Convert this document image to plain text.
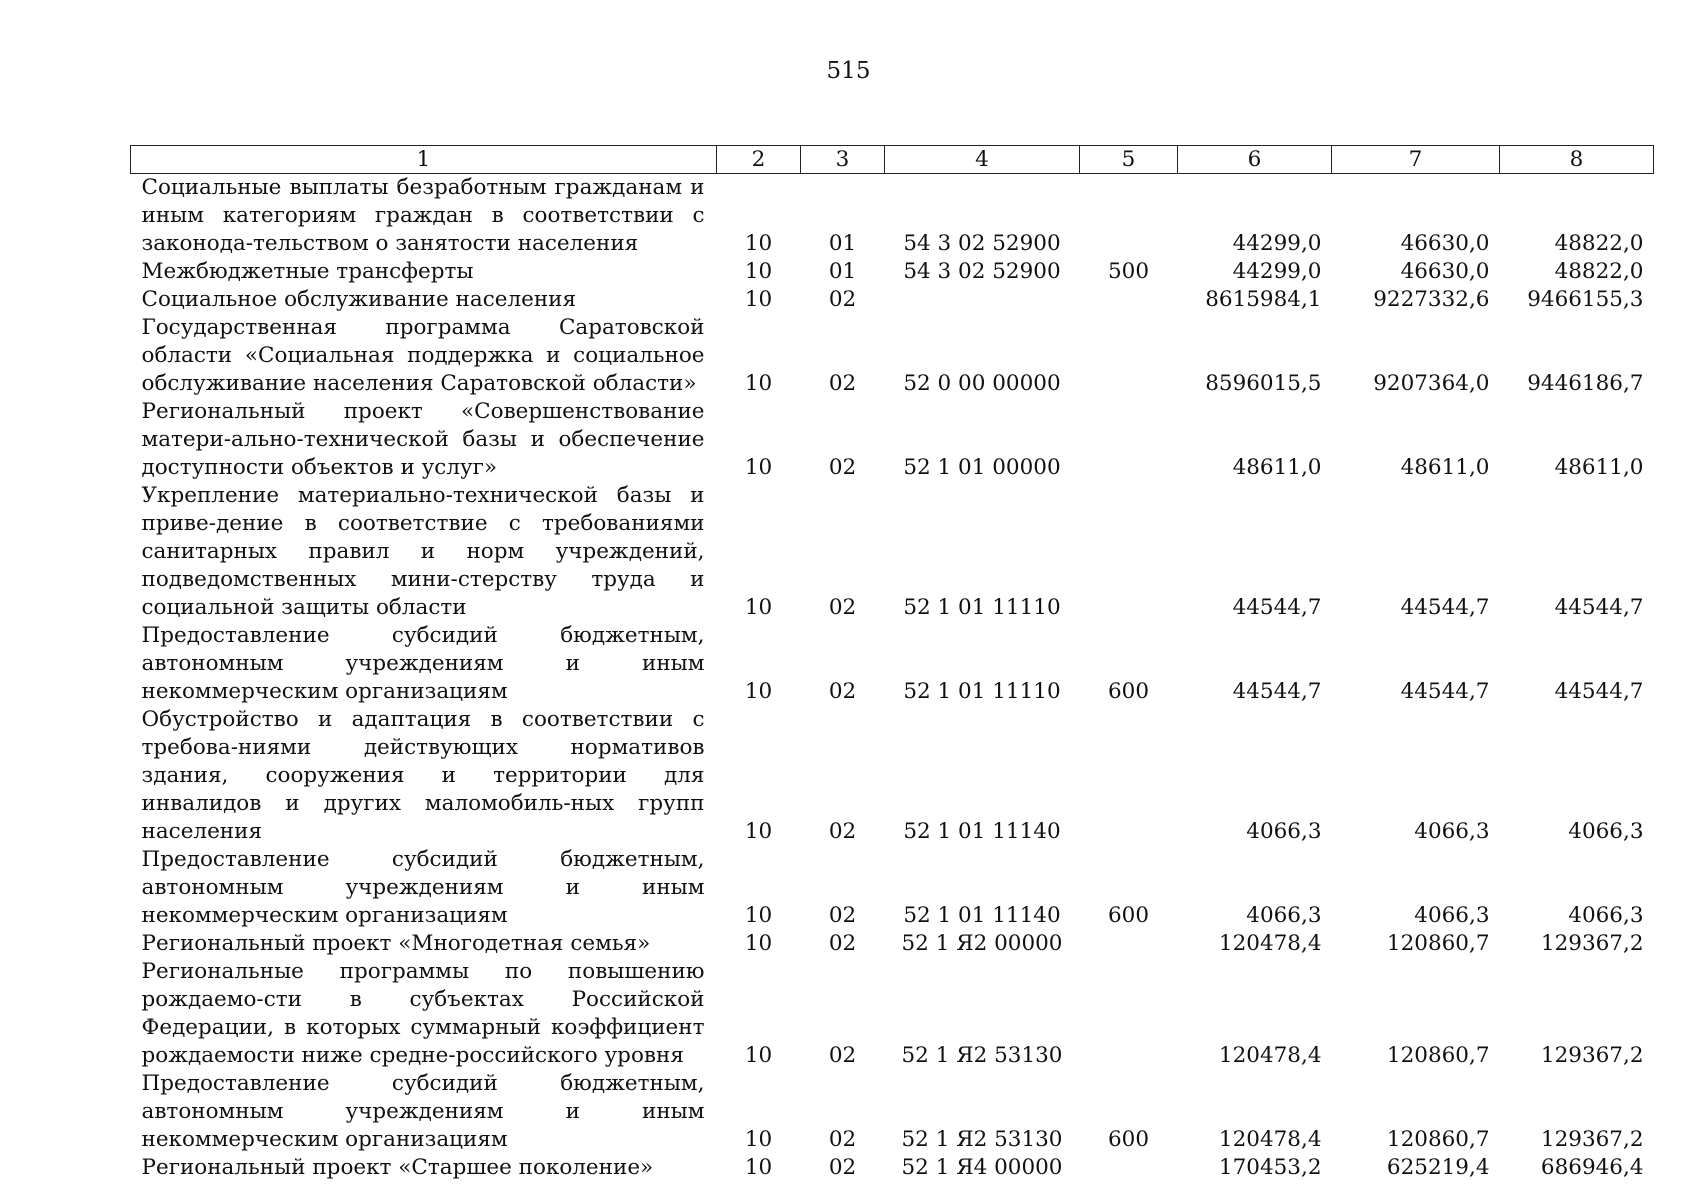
515
1	2	3	4	5	6	7	8
Социальные выплаты безработным гражданам и иным категориям граждан в соответствии с законода-тельством о занятости населения	10	01	54 3 02 52900		44299,0	46630,0	48822,0
Межбюджетные трансферты	10	01	54 3 02 52900	500	44299,0	46630,0	48822,0
Социальное обслуживание населения	10	02			8615984,1	9227332,6	9466155,3
Государственная программа Саратовской области «Социальная поддержка и социальное обслуживание населения Саратовской области»	10	02	52 0 00 00000		8596015,5	9207364,0	9446186,7
Региональный проект «Совершенствование матери-ально-технической базы и обеспечение доступности объектов и услуг»	10	02	52 1 01 00000		48611,0	48611,0	48611,0
Укрепление материально-технической базы и приве-дение в соответствие с требованиями санитарных правил и норм учреждений, подведомственных мини-стерству труда и социальной защиты области	10	02	52 1 01 11110		44544,7	44544,7	44544,7
Предоставление субсидий бюджетным, автономным учреждениям и иным некоммерческим организациям	10	02	52 1 01 11110	600	44544,7	44544,7	44544,7
Обустройство и адаптация в соответствии с требова-ниями действующих нормативов здания, сооружения и территории для инвалидов и других маломобиль-ных групп населения	10	02	52 1 01 11140		4066,3	4066,3	4066,3
Предоставление субсидий бюджетным, автономным учреждениям и иным некоммерческим организациям	10	02	52 1 01 11140	600	4066,3	4066,3	4066,3
Региональный проект «Многодетная семья»	10	02	52 1 Я2 00000		120478,4	120860,7	129367,2
Региональные программы по повышению рождаемо-сти в субъектах Российской Федерации, в которых суммарный коэффициент рождаемости ниже средне-российского уровня	10	02	52 1 Я2 53130		120478,4	120860,7	129367,2
Предоставление субсидий бюджетным, автономным учреждениям и иным некоммерческим организациям	10	02	52 1 Я2 53130	600	120478,4	120860,7	129367,2
Региональный проект «Старшее поколение»	10	02	52 1 Я4 00000		170453,2	625219,4	686946,4
